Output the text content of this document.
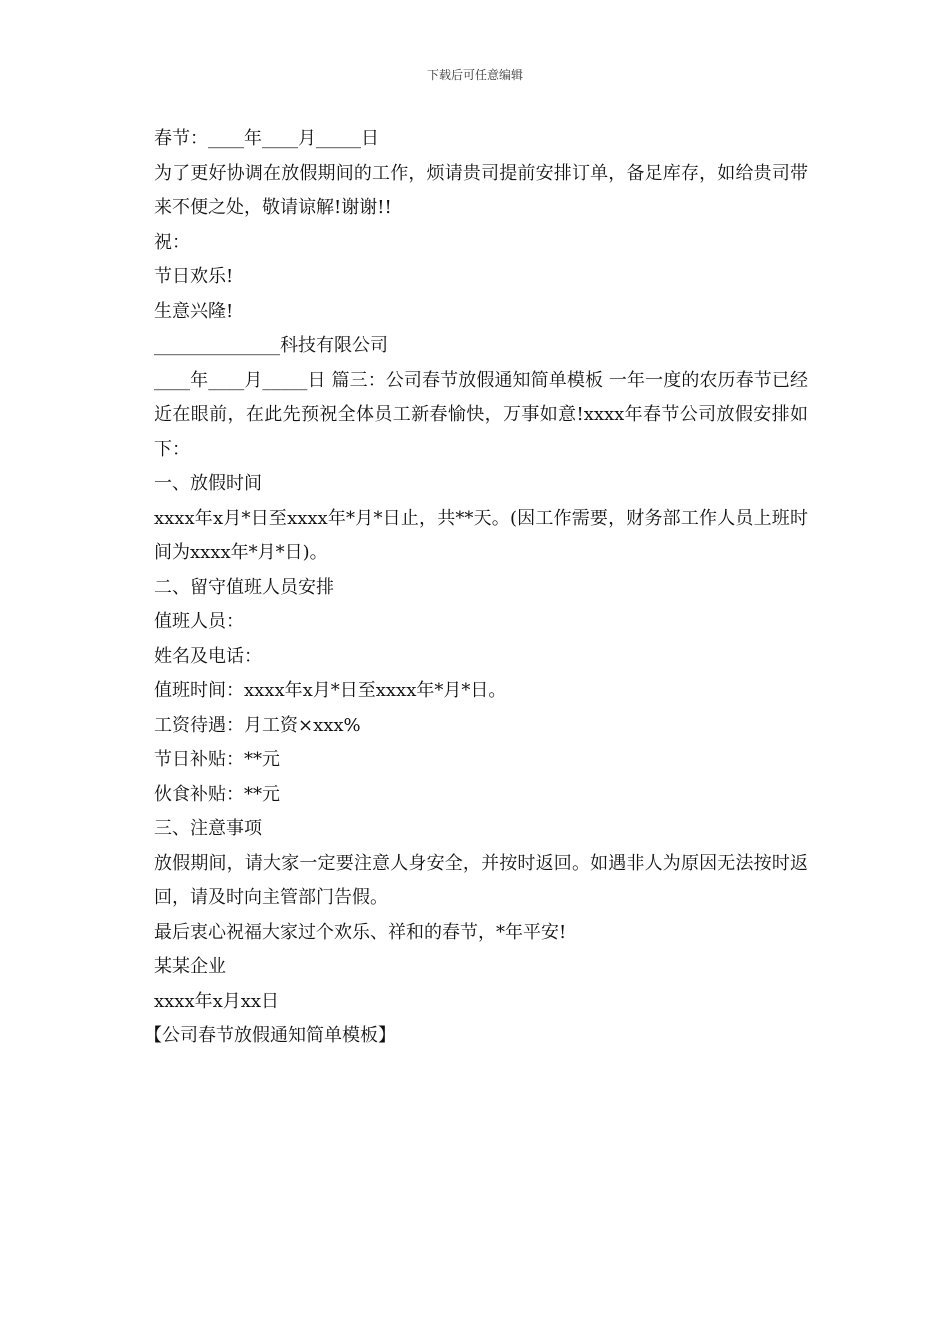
下载后可任意编辑

春节：____年____月_____日

为了更好协调在放假期间的工作，烦请贵司提前安排订单，备足库存，如给贵司带来不便之处，敬请谅解!谢谢!!

祝：

节日欢乐!

生意兴隆!

______________科技有限公司

____年____月_____日 篇三：公司春节放假通知简单模板 一年一度的农历春节已经近在眼前，在此先预祝全体员工新春愉快，万事如意!xxxx年春节公司放假安排如下：

一、放假时间

xxxx年x月*日至xxxx年*月*日止，共**天。(因工作需要，财务部工作人员上班时间为xxxx年*月*日)。

二、留守值班人员安排

值班人员：

姓名及电话：

值班时间：xxxx年x月*日至xxxx年*月*日。

工资待遇：月工资×xxx%

节日补贴：**元

伙食补贴：**元

三、注意事项

放假期间，请大家一定要注意人身安全，并按时返回。如遇非人为原因无法按时返回，请及时向主管部门告假。

最后衷心祝福大家过个欢乐、祥和的春节，*年平安!

某某企业

xxxx年x月xx日

【公司春节放假通知简单模板】
